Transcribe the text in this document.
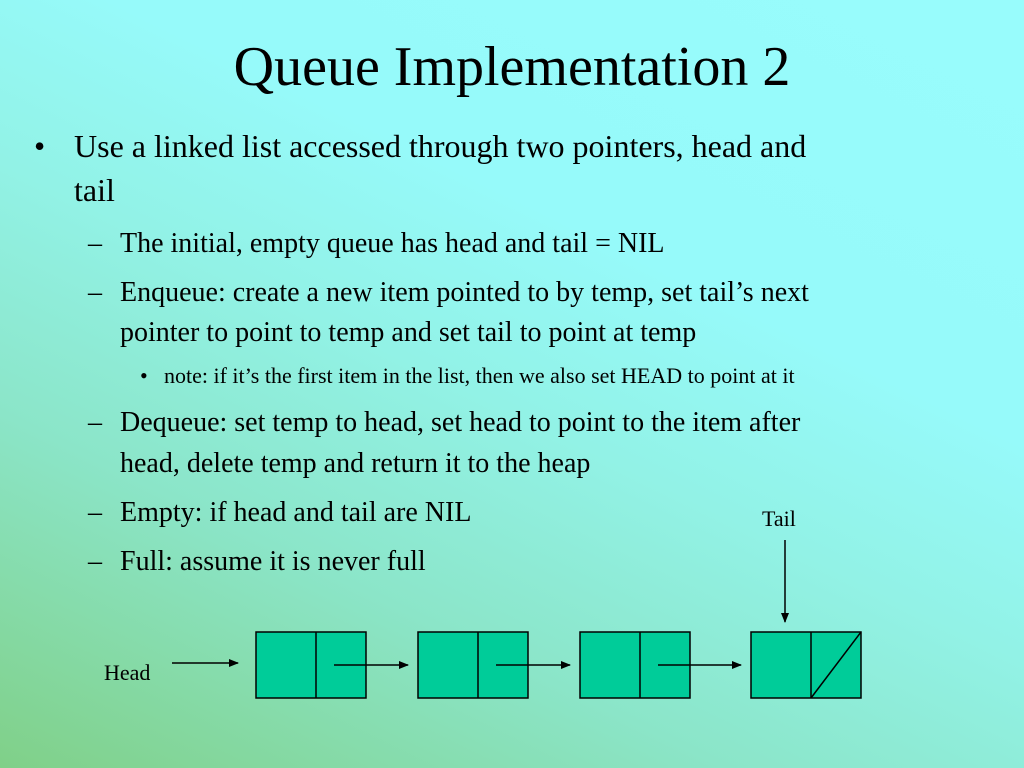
Queue Implementation 2
• Use a linked list accessed through two pointers, head and

tail

– The initial, empty queue has head and tail = NIL

– Enqueue: create a new item pointed to by temp, set tail’s next

pointer to point to temp and set tail to point at temp

• note: if it’s the first item in the list, then we also set HEAD to point at it

– Dequeue: set temp to head, set head to point to the item after

head, delete temp and return it to the heap

– Empty: if head and tail are NIL

– Full: assume it is never full

Tail
Head
